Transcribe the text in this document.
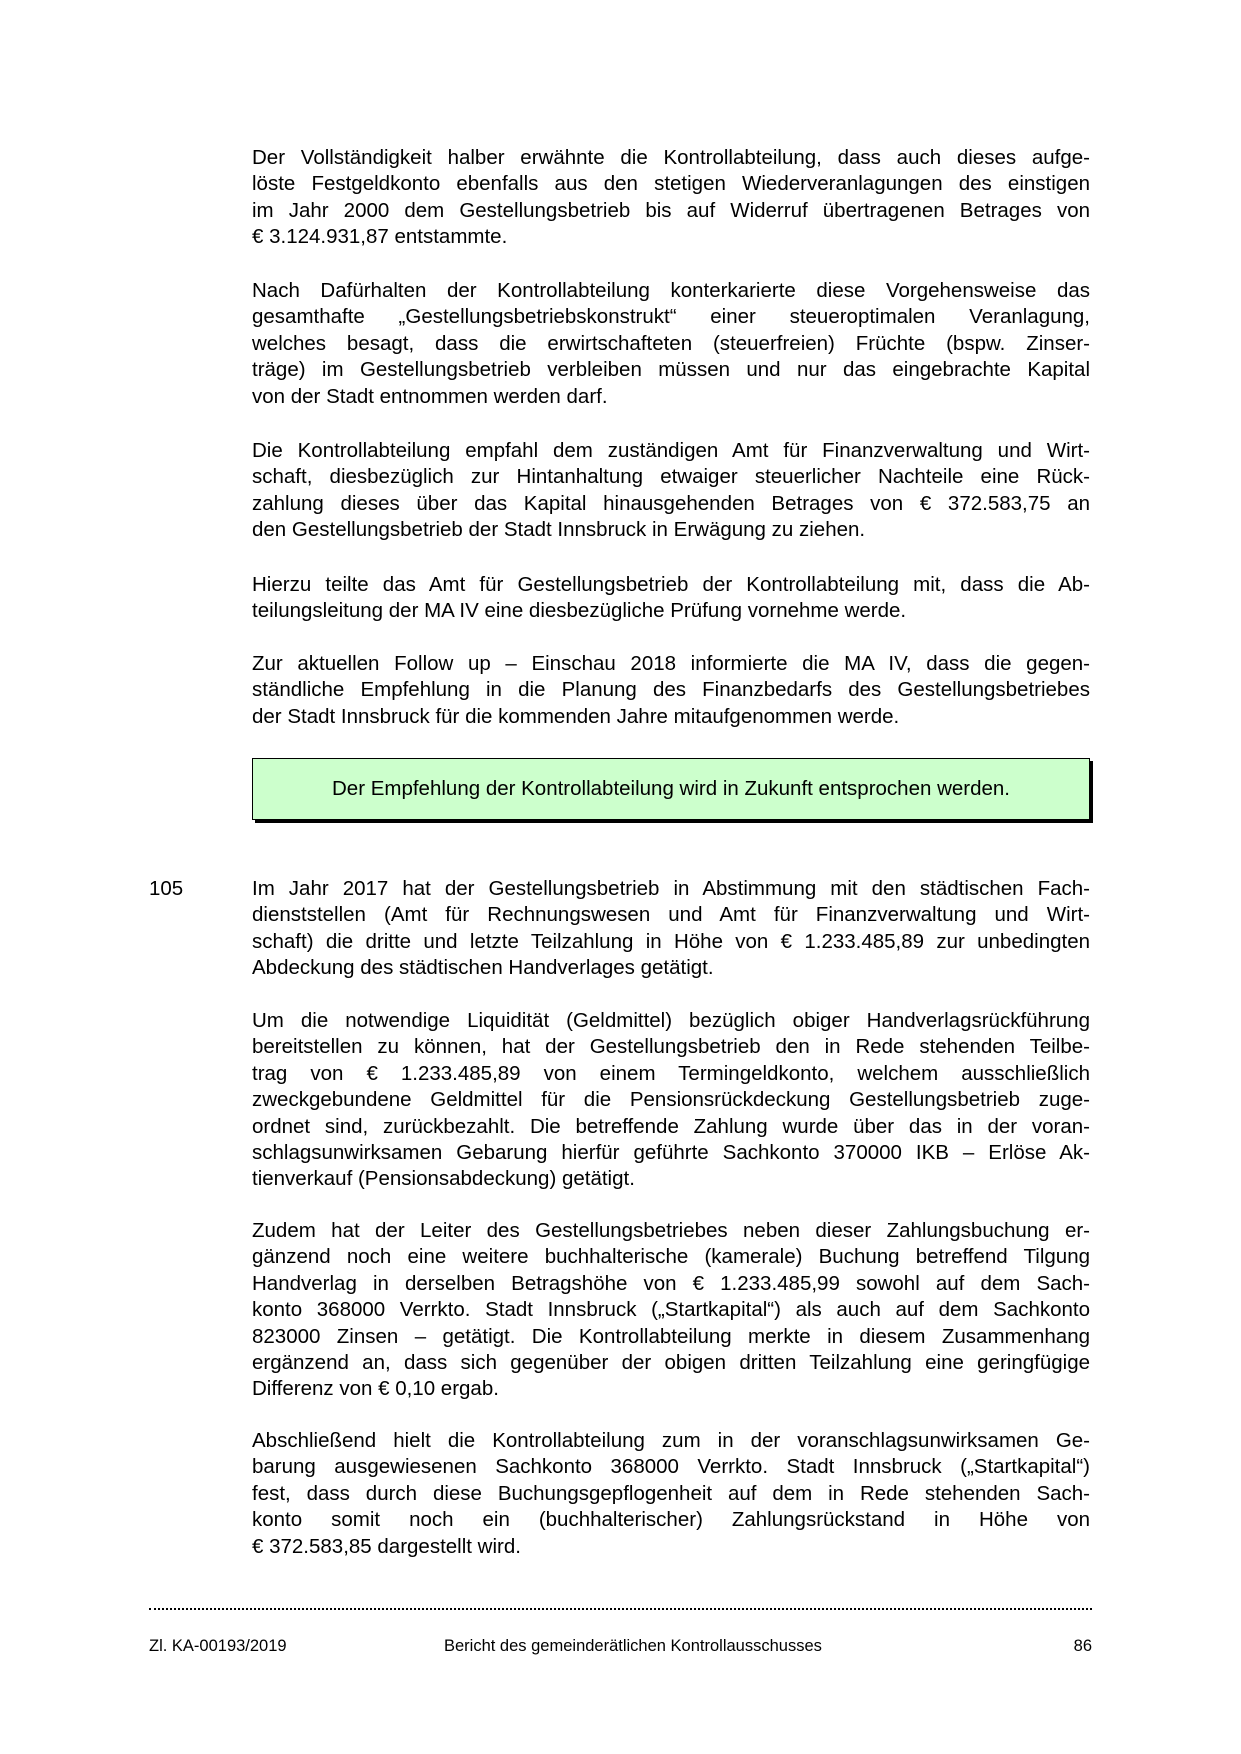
Der Vollständigkeit halber erwähnte die Kontrollabteilung, dass auch dieses aufge-
löste Festgeldkonto ebenfalls aus den stetigen Wiederveranlagungen des einstigen
im Jahr 2000 dem Gestellungsbetrieb bis auf Widerruf übertragenen Betrages von
€ 3.124.931,87 entstammte.
Nach Dafürhalten der Kontrollabteilung konterkarierte diese Vorgehensweise das
gesamthafte „Gestellungsbetriebskonstrukt“ einer steueroptimalen Veranlagung,
welches besagt, dass die erwirtschafteten (steuerfreien) Früchte (bspw. Zinser-
träge) im Gestellungsbetrieb verbleiben müssen und nur das eingebrachte Kapital
von der Stadt entnommen werden darf.
Die Kontrollabteilung empfahl dem zuständigen Amt für Finanzverwaltung und Wirt-
schaft, diesbezüglich zur Hintanhaltung etwaiger steuerlicher Nachteile eine Rück-
zahlung dieses über das Kapital hinausgehenden Betrages von € 372.583,75 an
den Gestellungsbetrieb der Stadt Innsbruck in Erwägung zu ziehen.
Hierzu teilte das Amt für Gestellungsbetrieb der Kontrollabteilung mit, dass die Ab-
teilungsleitung der MA IV eine diesbezügliche Prüfung vornehme werde.
Zur aktuellen Follow up – Einschau 2018 informierte die MA IV, dass die gegen-
ständliche Empfehlung in die Planung des Finanzbedarfs des Gestellungsbetriebes
der Stadt Innsbruck für die kommenden Jahre mitaufgenommen werde.
Der Empfehlung der Kontrollabteilung wird in Zukunft entsprochen werden.
105	Im Jahr 2017 hat der Gestellungsbetrieb in Abstimmung mit den städtischen Fach-
dienststellen (Amt für Rechnungswesen und Amt für Finanzverwaltung und Wirt-
schaft) die dritte und letzte Teilzahlung in Höhe von € 1.233.485,89 zur unbedingten
Abdeckung des städtischen Handverlages getätigt.
Um die notwendige Liquidität (Geldmittel) bezüglich obiger Handverlagsrückführung
bereitstellen zu können, hat der Gestellungsbetrieb den in Rede stehenden Teilbe-
trag von € 1.233.485,89 von einem Termingeldkonto, welchem ausschließlich
zweckgebundene Geldmittel für die Pensionsrückdeckung Gestellungsbetrieb zuge-
ordnet sind, zurückbezahlt. Die betreffende Zahlung wurde über das in der voran-
schlagsunwirksamen Gebarung hierfür geführte Sachkonto 370000 IKB – Erlöse Ak-
tienverkauf (Pensionsabdeckung) getätigt.
Zudem hat der Leiter des Gestellungsbetriebes neben dieser Zahlungsbuchung er-
gänzend noch eine weitere buchhalterische (kamerale) Buchung betreffend Tilgung
Handverlag in derselben Betragshöhe von € 1.233.485,99 sowohl auf dem Sach-
konto 368000 Verrkto. Stadt Innsbruck („Startkapital“) als auch auf dem Sachkonto
823000 Zinsen – getätigt. Die Kontrollabteilung merkte in diesem Zusammenhang
ergänzend an, dass sich gegenüber der obigen dritten Teilzahlung eine geringfügige
Differenz von € 0,10 ergab.
Abschließend hielt die Kontrollabteilung zum in der voranschlagsunwirksamen Ge-
barung ausgewiesenen Sachkonto 368000 Verrkto. Stadt Innsbruck („Startkapital“)
fest, dass durch diese Buchungsgepflogenheit auf dem in Rede stehenden Sach-
konto somit noch ein (buchhalterischer) Zahlungsrückstand in Höhe von
€ 372.583,85 dargestellt wird.
Zl. KA-00193/2019	Bericht des gemeinderätlichen Kontrollausschusses	86
